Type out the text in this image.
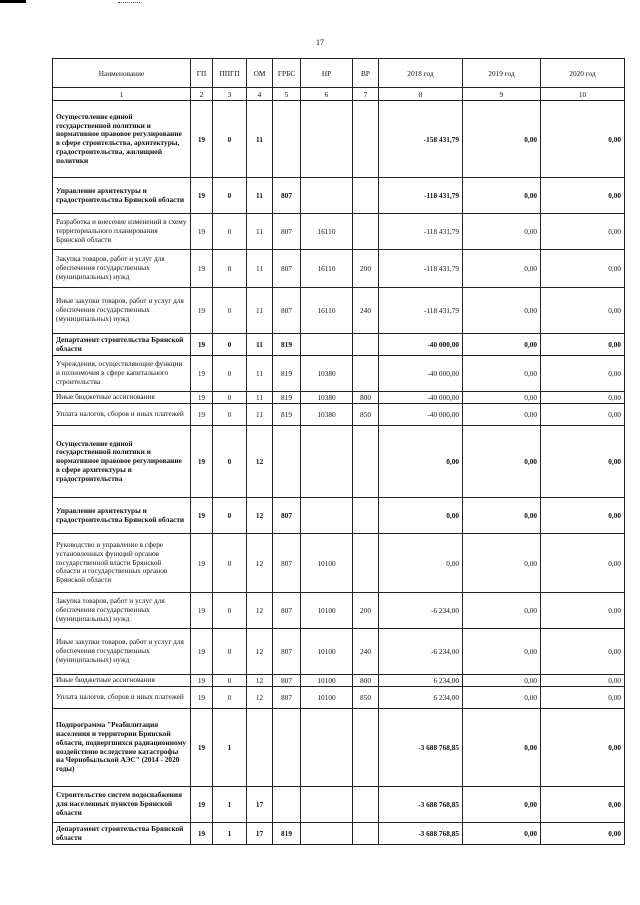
17
Наименование	ГП	ППГП	ОМ	ГРБС	НР	ВР	2018 год	2019 год	2020 год
1	2	3	4	5	6	7	8	9	10
Осуществление единой государственной политики и нормативное правовое регулирование в сфере строительства, архитектуры, градостроительства, жилищной политики	19	0	11				-158 431,79	0,00	0,00
Управление архитектуры и градостроительства Брянской области	19	0	11	807			-118 431,79	0,00	0,00
Разработка и внесение изменений в схему территориального планирования Брянской области	19	0	11	807	16110		-118 431,79	0,00	0,00
Закупка товаров, работ и услуг для обеспечения государственных (муниципальных) нужд	19	0	11	807	16110	200	-118 431,79	0,00	0,00
Иные закупки товаров, работ и услуг для обеспечения государственных (муниципальных) нужд	19	0	11	807	16110	240	-118 431,79	0,00	0,00
Департамент строительства Брянской области	19	0	11	819			-40 000,00	0,00	0,00
Учреждения, осуществляющие функции и полномочия в сфере капитального строительства	19	0	11	819	10380		-40 000,00	0,00	0,00
Иные бюджетные ассигнования	19	0	11	819	10380	800	-40 000,00	0,00	0,00
Уплата налогов, сборов и иных платежей	19	0	11	819	10380	850	-40 000,00	0,00	0,00
Осуществление единой государственной политики и нормативное правовое регулирование в сфере архитектуры и градостроительства	19	0	12				0,00	0,00	0,00
Управление архитектуры и градостроительства Брянской области	19	0	12	807			0,00	0,00	0,00
Руководство и управление в сфере установленных функций органов государственной власти Брянской области и государственных органов Брянской области	19	0	12	807	10100		0,00	0,00	0,00
Закупка товаров, работ и услуг для обеспечения государственных (муниципальных) нужд	19	0	12	807	10100	200	-6 234,00	0,00	0,00
Иные закупки товаров, работ и услуг для обеспечения государственных (муниципальных) нужд	19	0	12	807	10100	240	-6 234,00	0,00	0,00
Иные бюджетные ассигнования	19	0	12	807	10100	800	6 234,00	0,00	0,00
Уплата налогов, сборов и иных платежей	19	0	12	807	10100	850	6 234,00	0,00	0,00
Подпрограмма "Реабилитация населения и территории Брянской области, подвергшихся радиационному воздействию вследствие катастрофы на Чернобыльской АЭС" (2014 - 2020 годы)	19	1					-3 688 768,85	0,00	0,00
Строительство систем водоснабжения для населенных пунктов Брянской области	19	1	17				-3 688 768,85	0,00	0,00
Департамент строительства Брянской области	19	1	17	819			-3 688 768,85	0,00	0,00
